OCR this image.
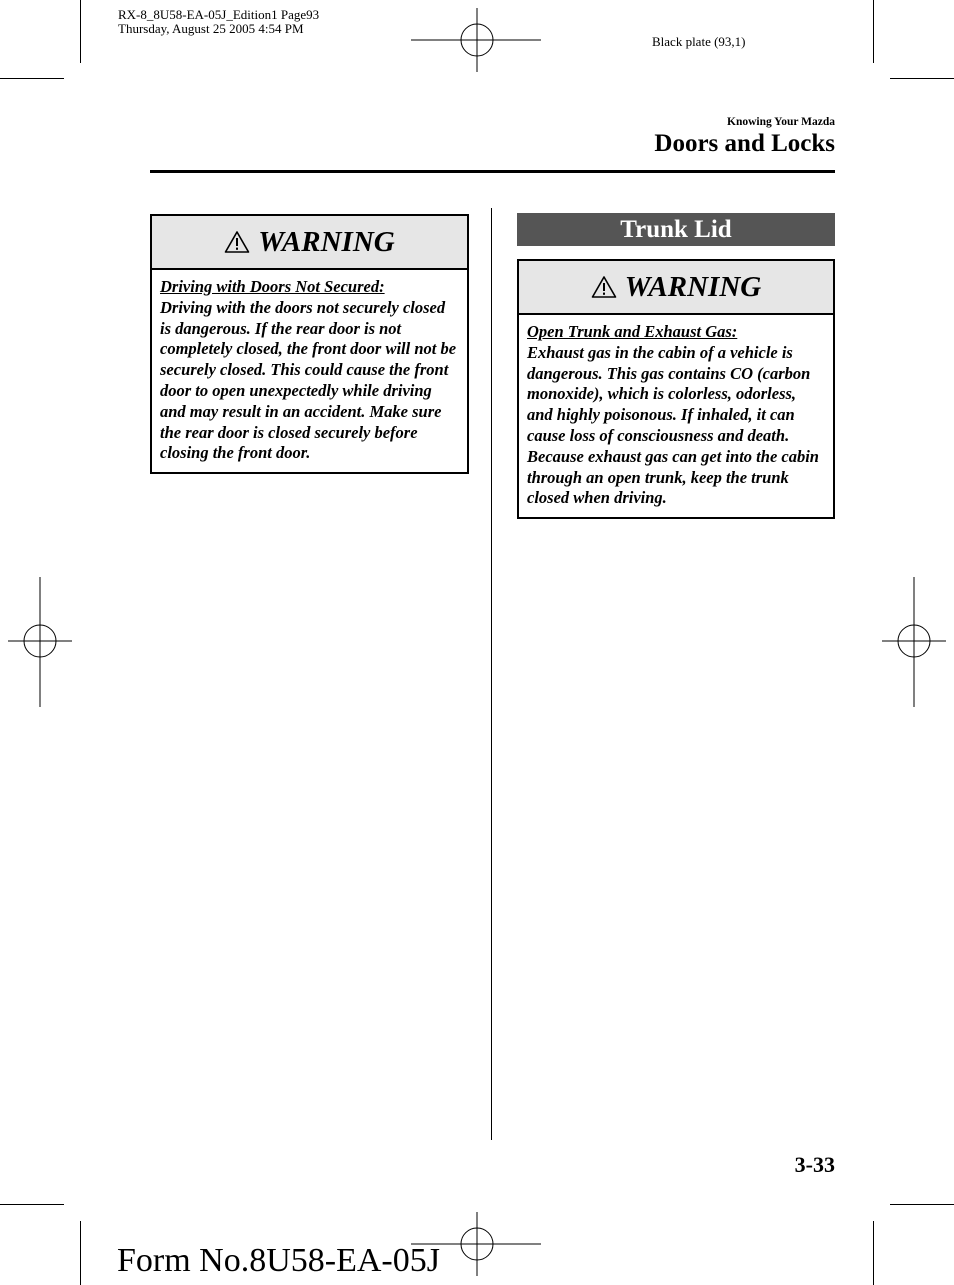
RX-8_8U58-EA-05J_Edition1 Page93
Thursday, August 25 2005 4:54 PM
Black plate (93,1)
Knowing Your Mazda
Doors and Locks
WARNING
Driving with Doors Not Secured:
Driving with the doors not securely closed is dangerous. If the rear door is not completely closed, the front door will not be securely closed. This could cause the front door to open unexpectedly while driving and may result in an accident. Make sure the rear door is closed securely before closing the front door.
Trunk Lid
WARNING
Open Trunk and Exhaust Gas:
Exhaust gas in the cabin of a vehicle is dangerous. This gas contains CO (carbon monoxide), which is colorless, odorless, and highly poisonous. If inhaled, it can cause loss of consciousness and death. Because exhaust gas can get into the cabin through an open trunk, keep the trunk closed when driving.
3-33
Form No.8U58-EA-05J
